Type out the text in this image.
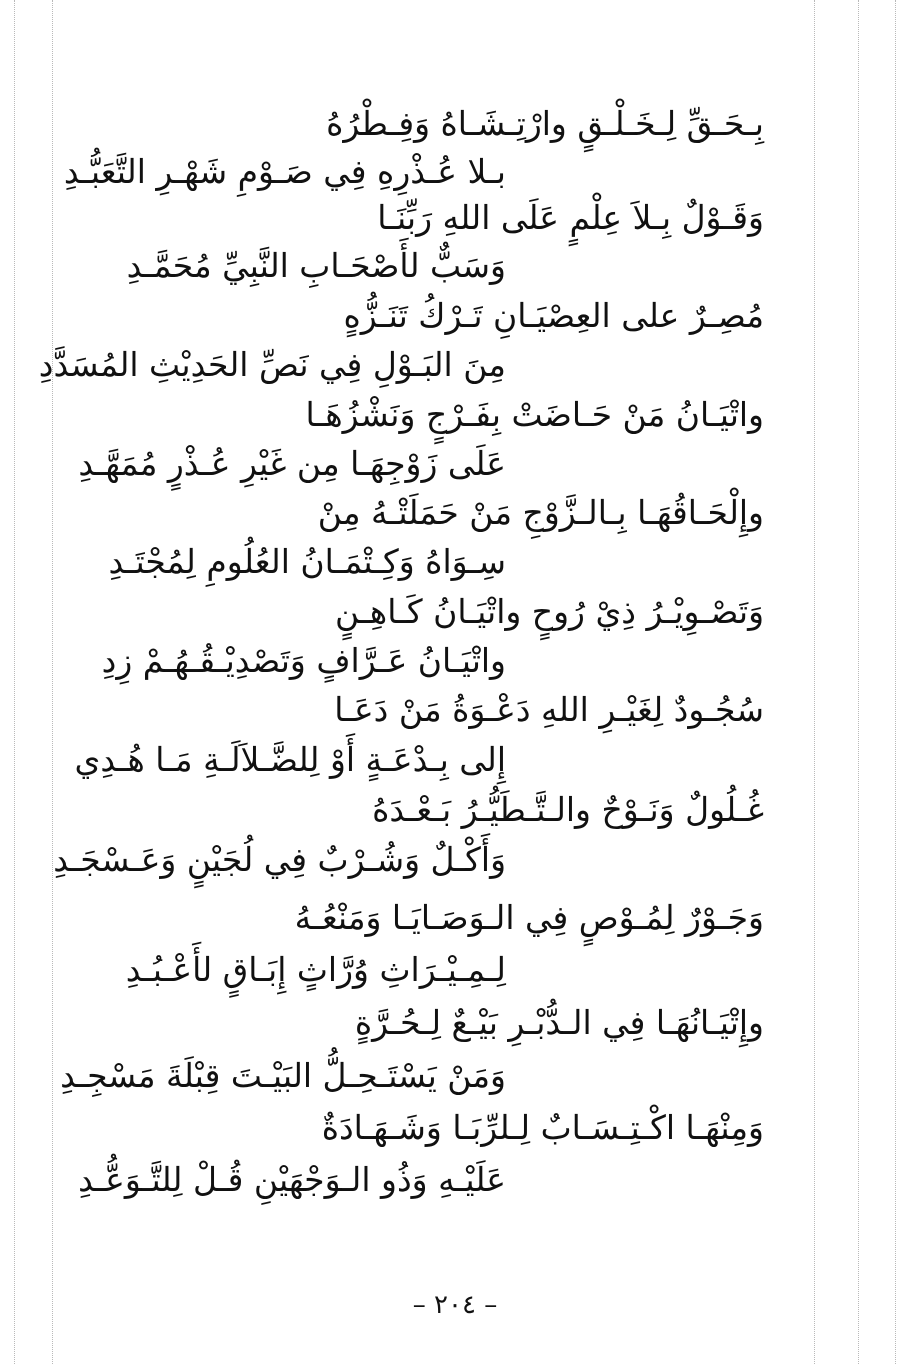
بِـحَـقِّ لِـخَـلْـقٍ وارْتِـشَـاهُ وَفِـطْرُهُ
بـلا عُـذْرِهِ فِي صَـوْمِ شَهْـرِ التَّعَبُّـدِ
وَقَـوْلٌ بِـلاَ عِلْمٍ عَلَى اللهِ رَبِّنَـا
وَسَبٌّ لأَصْحَـابِ النَّبِيِّ مُحَمَّـدِ
مُصِـرٌ على العِصْيَـانِ تَـرْكُ تَنَـزُّهٍ
مِنَ البَـوْلِ فِي نَصِّ الحَدِيْثِ المُسَدَّدِ
واتْيَـانُ مَنْ حَـاضَتْ بِفَـرْجٍ وَنَشْزُهَـا
عَلَى زَوْجِهَـا مِن غَيْرِ عُـذْرٍ مُمَهَّـدِ
وإِلْحَـاقُهَـا بِـالـزَّوْجِ مَنْ حَمَلَتْـهُ مِنْ
سِـوَاهُ وَكِـتْمَـانُ العُلُومِ لِمُجْتَـدِ
وَتَصْـوِيْـرُ ذِيْ رُوحٍ واتْيَـانُ كَـاهِـنٍ
واتْيَـانُ عَـرَّافٍ وَتَصْدِيْـقُـهُـمْ زِدِ
سُجُـودٌ لِغَيْـرِ اللهِ دَعْـوَةُ مَنْ دَعَـا
إِلى بِـدْعَـةٍ أَوْ لِلضَّـلاَلَـةِ مَـا هُـدِي
غُـلُولٌ وَنَـوْحٌ والـتَّـطَيُّـرُ بَـعْـدَهُ
وَأَكْـلٌ وَشُـرْبٌ فِي لُجَيْنٍ وَعَـسْجَـدِ
وَجَـوْرٌ لِمُـوْصٍ فِي الـوَصَـايَـا وَمَنْعُـهُ
لِـمِـيْـرَاثِ وُرَّاثٍ إِبَـاقٍ لأَعْـبُـدِ
وإِتْيَـانُهَـا فِي الـدُّبْـرِ بَيْـعٌ لِـحُـرَّةٍ
وَمَنْ يَسْتَـحِـلُّ البَيْـتَ قِبْلَةَ مَسْجِـدِ
وَمِنْهَـا اكْـتِـسَـابٌ لِـلرِّبَـا وَشَـهَـادَةٌ
عَلَيْـهِ وَذُو الـوَجْهَيْنِ قُـلْ لِلتَّـوَعُّـدِ
– ٢٠٤ –
